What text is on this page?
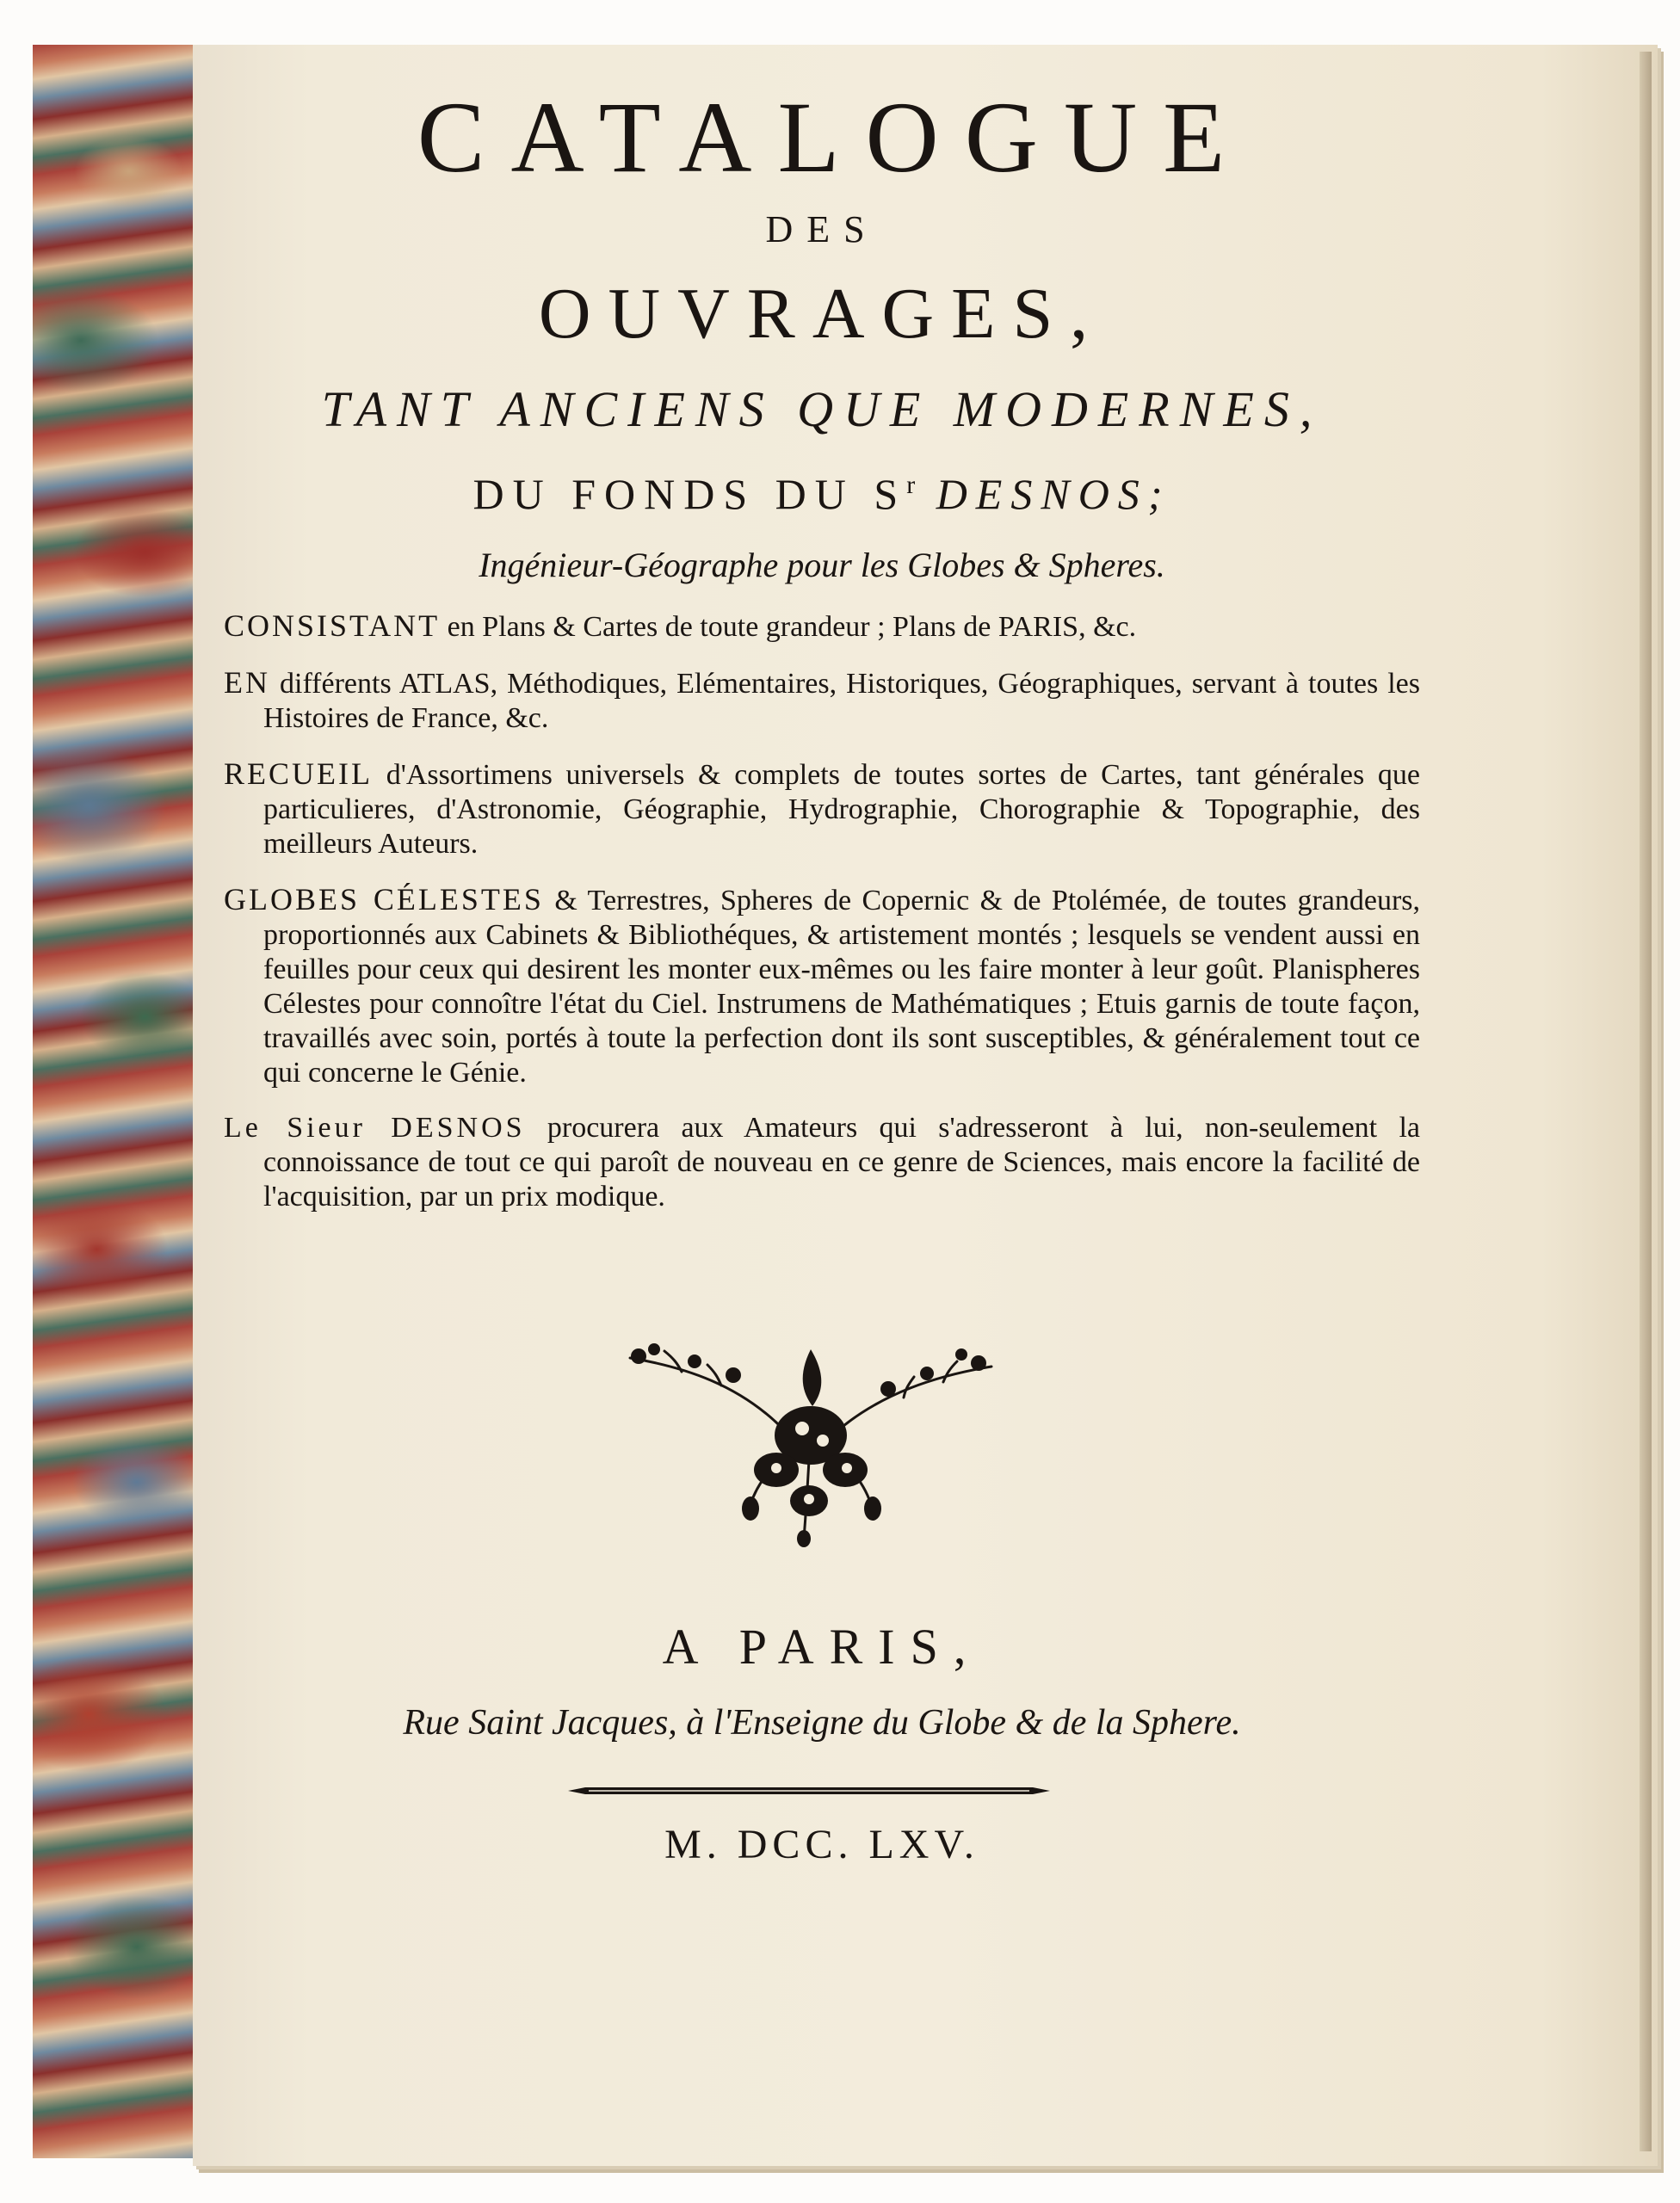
CATALOGUE

DES

OUVRAGES,

TANT ANCIENS QUE MODERNES,

DU FONDS DU $S^r$ DESNOS;

Ingénieur-Géographe pour les Globes & Spheres.

CONSISTANT en Plans & Cartes de toute grandeur ; Plans de PARIS, &c.

EN différents ATLAS, Méthodiques, Elémentaires, Historiques, Géographiques, servant à toutes les Histoires de France, &c.

RECUEIL d'Assortimens universels & complets de toutes sortes de Cartes, tant générales que particulieres, d'Astronomie, Géographie, Hydrographie, Chorographie & Topographie, des meilleurs Auteurs.

GLOBES CÉLESTES & Terrestres, Spheres de Copernic & de Ptolémée, de toutes grandeurs, proportionnés aux Cabinets & Bibliothéques, & artistement montés ; lesquels se vendent aussi en feuilles pour ceux qui desirent les monter eux-mêmes ou les faire monter à leur goût. Planispheres Célestes pour connoître l'état du Ciel. Instrumens de Mathématiques ; Etuis garnis de toute façon, travaillés avec soin, portés à toute la perfection dont ils sont susceptibles, & généralement tout ce qui concerne le Génie.

Le Sieur DESNOS procurera aux Amateurs qui s'adresseront à lui, non-seulement la connoissance de tout ce qui paroît de nouveau en ce genre de Sciences, mais encore la facilité de l'acquisition, par un prix modique.

A PARIS,

Rue Saint Jacques, à l'Enseigne du Globe & de la Sphere.

M. DCC. LXV.
